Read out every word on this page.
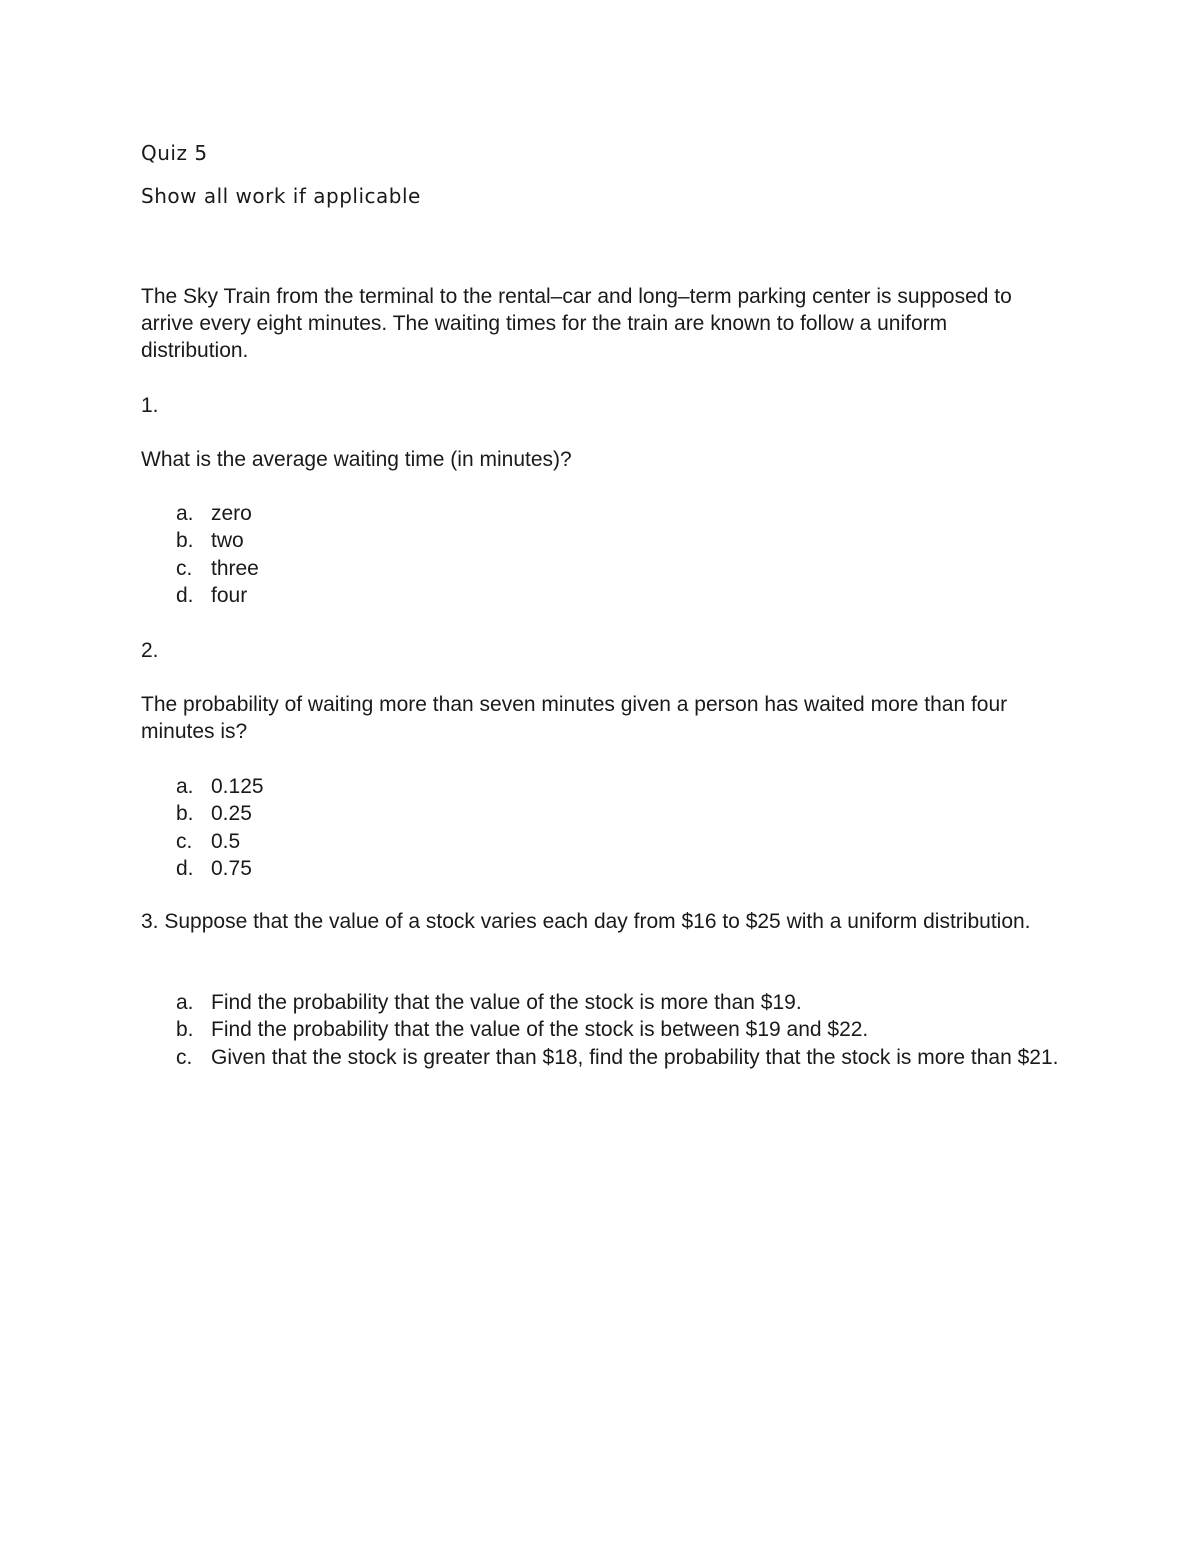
Quiz 5
Show all work if applicable

The Sky Train from the terminal to the rental–car and long–term parking center is supposed to arrive every eight minutes. The waiting times for the train are known to follow a uniform distribution.

1.
What is the average waiting time (in minutes)?
a. zero
b. two
c. three
d. four
2.
The probability of waiting more than seven minutes given a person has waited more than four minutes is?
a. 0.125
b. 0.25
c. 0.5
d. 0.75

3. Suppose that the value of a stock varies each day from $16 to $25 with a uniform distribution.

a. Find the probability that the value of the stock is more than $19.
b. Find the probability that the value of the stock is between $19 and $22.
c. Given that the stock is greater than $18, find the probability that the stock is more than $21.
